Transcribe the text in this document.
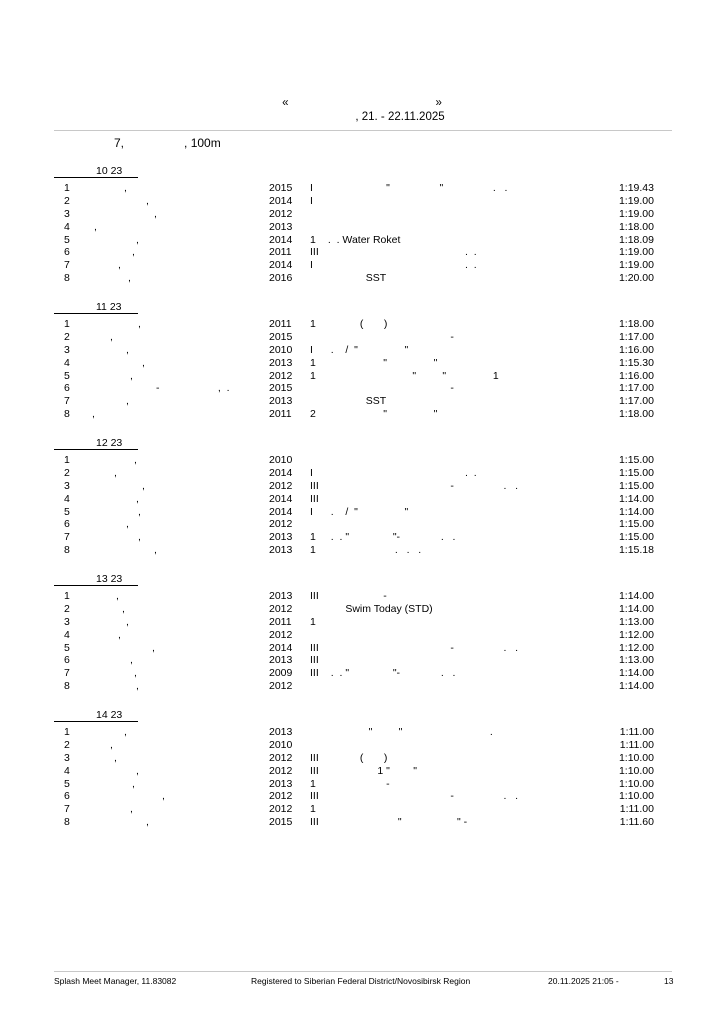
«                                              »
, 21. - 22.11.2025
7,                  , 100m
10 23
1	,	2015 I "                 "                 .   .	1:19.43
2	,	2014 I	1:19.00
3	,	2012	1:19.00
4 ,	2013	1:18.00
5	,	2014 1 .  . Water Roket	1:18.09
6	,	2011 III .  .	1:19.00
7	,	2014 I .  .	1:19.00
8	,	2016	SST	1:20.00
11 23
1	,	2011 1 (       )	1:18.00
2	,	2015	-	1:17.00
3	,	2010 I .    /  "                "	1:16.00
4	,	2013 1 "                "	1:15.30
5	,	2012 1 "         "                1	1:16.00
6	-                    ,  .	2015	-	1:17.00
7	,	2013	SST	1:17.00
8 ,	2011 2 "                "	1:18.00
12 23
1	,	2010	1:15.00
2	,	2014 I .  .	1:15.00
3	,	2012 III -                 .   .	1:15.00
4	,	2014 III	1:14.00
5	,	2014 I .    /  "                "	1:14.00
6	,	2012	1:15.00
7	,	2013 1 .  . "               "-              .   .	1:15.00
8	,	2013 1 .   .   .	1:15.18
13 23
1	,	2013 III -	1:14.00
2	,	2012	Swim Today (STD)	1:14.00
3	,	2011 1	1:13.00
4	,	2012	1:12.00
5	,	2014 III -                 .   .	1:12.00
6	,	2013 III	1:13.00
7	,	2009 III .  . "               "-              .   .	1:14.00
8	,	2012	1:14.00
14 23
1	,	2013	"         "                              .	1:11.00
2	,	2010	1:11.00
3	,	2012 III (       )	1:10.00
4	,	2012 III 1 "        "	1:10.00
5	,	2013 1 -	1:10.00
6	,	2012 III -                 .   .	1:10.00
7	,	2012 1	1:11.00
8	,	2015 III "                   " -	1:11.60
Splash Meet Manager, 11.83082	Registered to Siberian Federal District/Novosibirsk Region	20.11.2025 21:05 -	13
